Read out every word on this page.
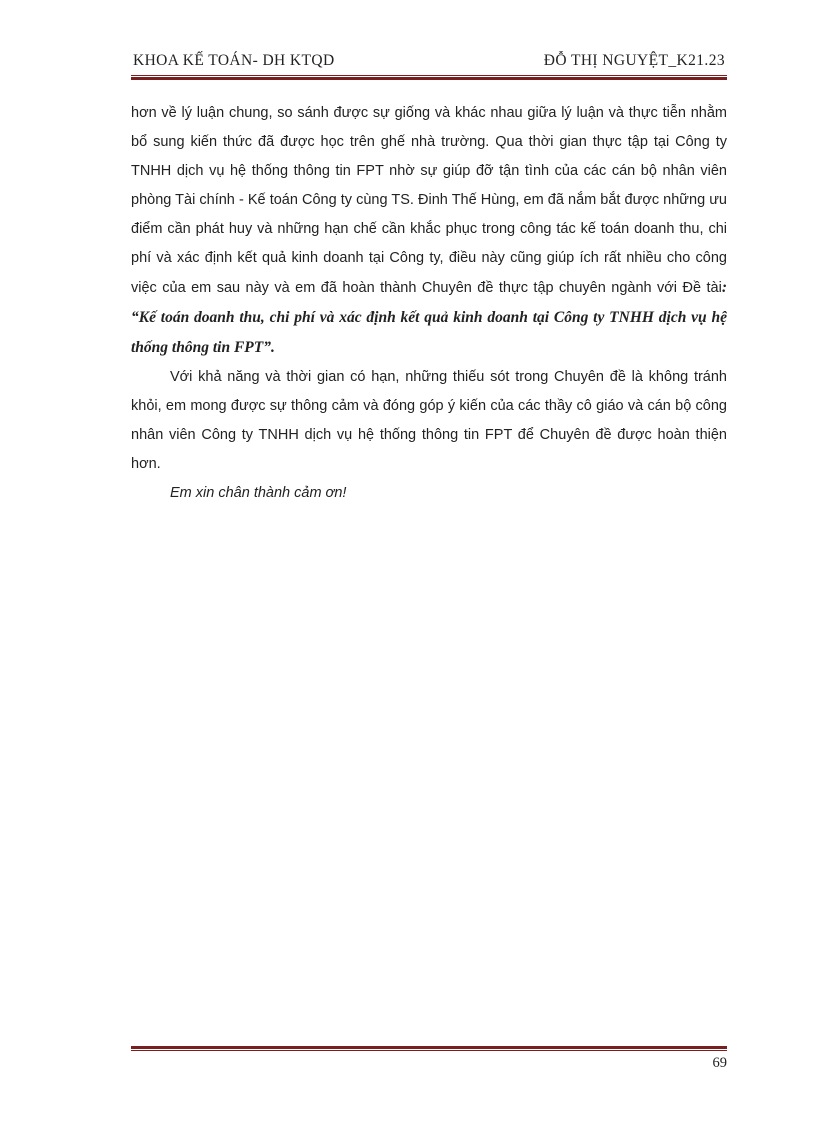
KHOA KẾ TOÁN- DH KTQD	ĐỖ THỊ NGUYỆT_K21.23

hơn về lý luận chung, so sánh được sự giống và khác nhau giữa lý luận và thực tiễn nhằm bổ sung kiến thức đã được học trên ghế nhà trường. Qua thời gian thực tập tại Công ty TNHH dịch vụ hệ thống thông tin FPT nhờ sự giúp đỡ tận tình của các cán bộ nhân viên phòng Tài chính - Kế toán Công ty cùng TS. Đinh Thế Hùng, em đã nắm bắt được những ưu điểm cần phát huy và những hạn chế cần khắc phục trong công tác kế toán doanh thu, chi phí và xác định kết quả kinh doanh tại Công ty, điều này cũng giúp ích rất nhiều cho công việc của em sau này và em đã hoàn thành Chuyên đề thực tập chuyên ngành với Đề tài: “Kế toán doanh thu, chi phí và xác định kết quả kinh doanh tại Công ty TNHH dịch vụ hệ thống thông tin FPT”.

Với khả năng và thời gian có hạn, những thiếu sót trong Chuyên đề là không tránh khỏi, em mong được sự thông cảm và đóng góp ý kiến của các thầy cô giáo và cán bộ công nhân viên Công ty TNHH dịch vụ hệ thống thông tin FPT để Chuyên đề được hoàn thiện hơn.

Em xin chân thành cảm ơn!

69
